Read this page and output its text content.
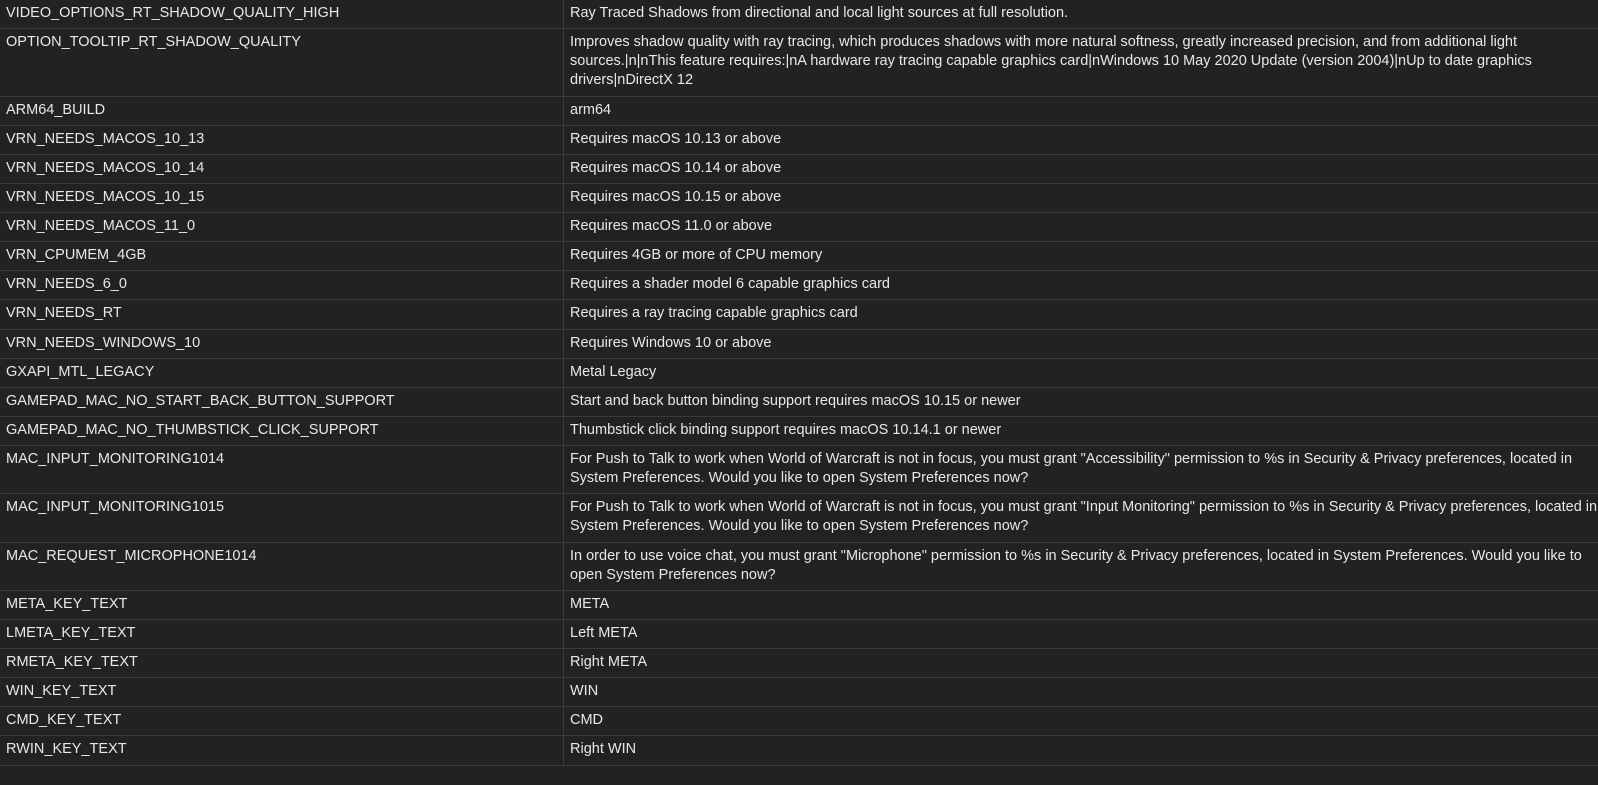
VIDEO_OPTIONS_RT_SHADOW_QUALITY_HIGH	Ray Traced Shadows from directional and local light sources at full resolution.
OPTION_TOOLTIP_RT_SHADOW_QUALITY	Improves shadow quality with ray tracing, which produces shadows with more natural softness, greatly increased precision, and from additional light sources.|n|nThis feature requires:|nA hardware ray tracing capable graphics card|nWindows 10 May 2020 Update (version 2004)|nUp to date graphics drivers|nDirectX 12
ARM64_BUILD	arm64
VRN_NEEDS_MACOS_10_13	Requires macOS 10.13 or above
VRN_NEEDS_MACOS_10_14	Requires macOS 10.14 or above
VRN_NEEDS_MACOS_10_15	Requires macOS 10.15 or above
VRN_NEEDS_MACOS_11_0	Requires macOS 11.0 or above
VRN_CPUMEM_4GB	Requires 4GB or more of CPU memory
VRN_NEEDS_6_0	Requires a shader model 6 capable graphics card
VRN_NEEDS_RT	Requires a ray tracing capable graphics card
VRN_NEEDS_WINDOWS_10	Requires Windows 10 or above
GXAPI_MTL_LEGACY	Metal Legacy
GAMEPAD_MAC_NO_START_BACK_BUTTON_SUPPORT	Start and back button binding support requires macOS 10.15 or newer
GAMEPAD_MAC_NO_THUMBSTICK_CLICK_SUPPORT	Thumbstick click binding support requires macOS 10.14.1 or newer
MAC_INPUT_MONITORING1014	For Push to Talk to work when World of Warcraft is not in focus, you must grant "Accessibility" permission to %s in Security & Privacy preferences, located in System Preferences. Would you like to open System Preferences now?
MAC_INPUT_MONITORING1015	For Push to Talk to work when World of Warcraft is not in focus, you must grant "Input Monitoring" permission to %s in Security & Privacy preferences, located in System Preferences. Would you like to open System Preferences now?
MAC_REQUEST_MICROPHONE1014	In order to use voice chat, you must grant "Microphone" permission to %s in Security & Privacy preferences, located in System Preferences. Would you like to open System Preferences now?
META_KEY_TEXT	META
LMETA_KEY_TEXT	Left META
RMETA_KEY_TEXT	Right META
WIN_KEY_TEXT	WIN
CMD_KEY_TEXT	CMD
RWIN_KEY_TEXT	Right WIN
